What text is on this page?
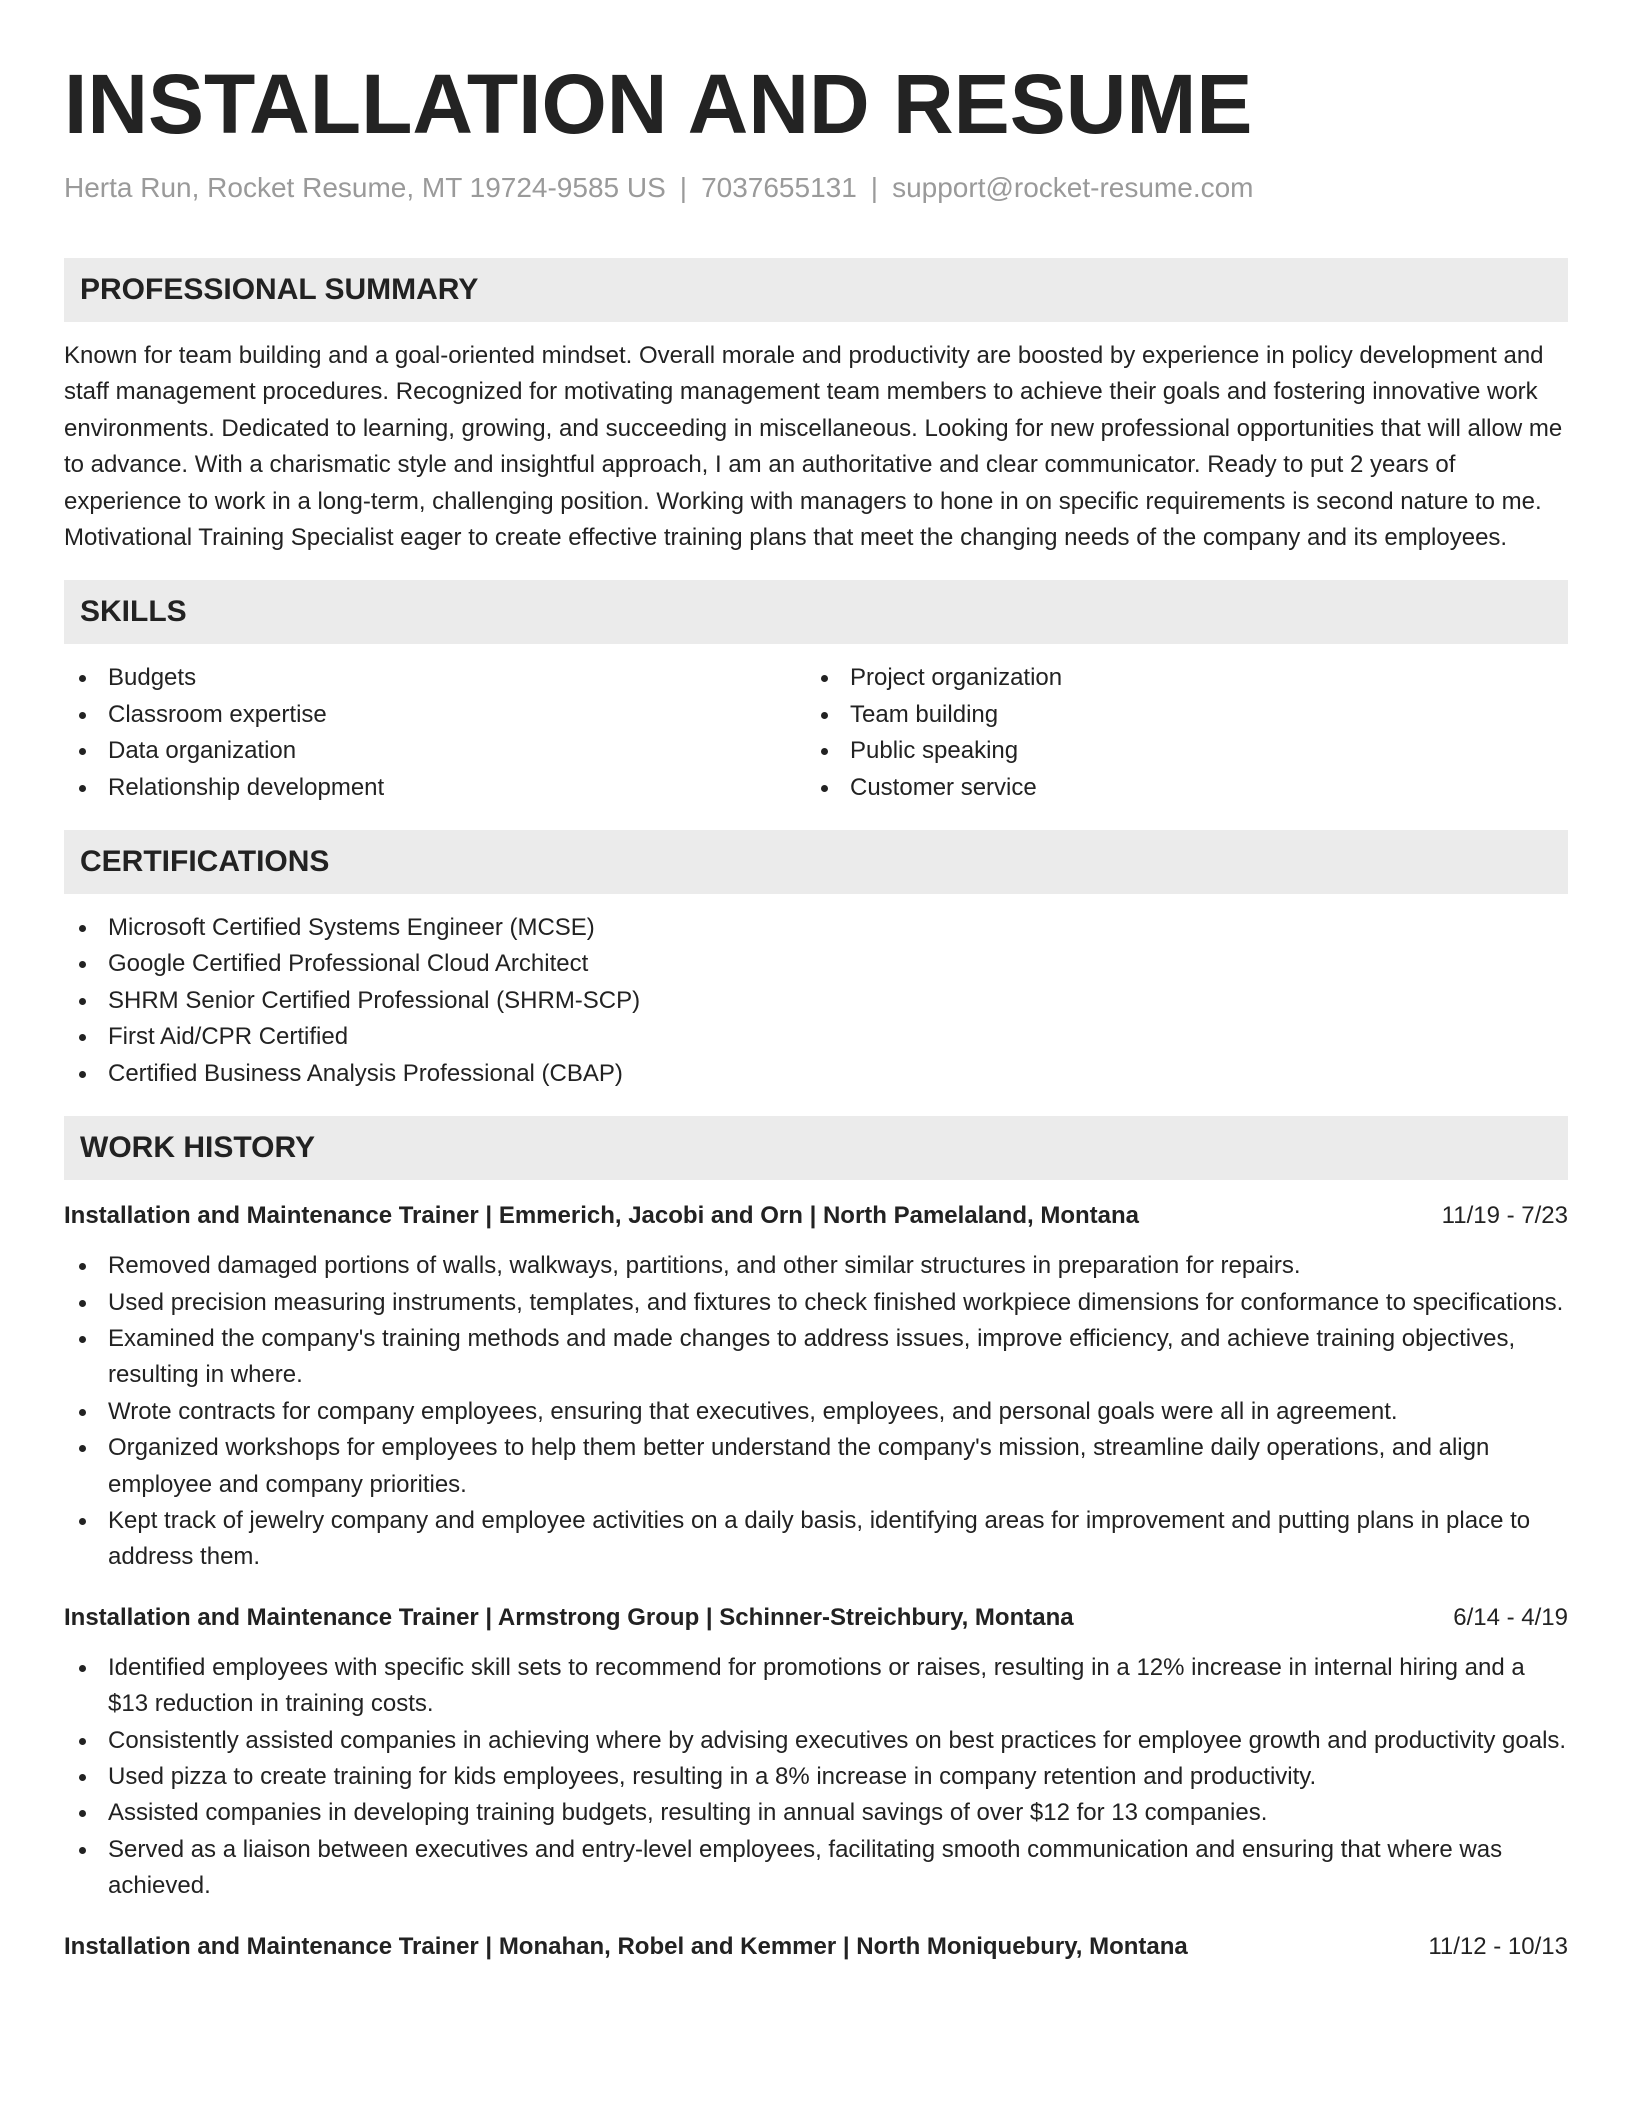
INSTALLATION AND RESUME
Herta Run, Rocket Resume, MT 19724-9585 US | 7037655131 | support@rocket-resume.com
PROFESSIONAL SUMMARY

Known for team building and a goal-oriented mindset. Overall morale and productivity are boosted by experience in policy development and staff management procedures. Recognized for motivating management team members to achieve their goals and fostering innovative work environments. Dedicated to learning, growing, and succeeding in miscellaneous. Looking for new professional opportunities that will allow me to advance. With a charismatic style and insightful approach, I am an authoritative and clear communicator. Ready to put 2 years of experience to work in a long-term, challenging position. Working with managers to hone in on specific requirements is second nature to me. Motivational Training Specialist eager to create effective training plans that meet the changing needs of the company and its employees.

SKILLS
Budgets
Classroom expertise
Data organization
Relationship development
Project organization
Team building
Public speaking
Customer service
CERTIFICATIONS
Microsoft Certified Systems Engineer (MCSE)
Google Certified Professional Cloud Architect
SHRM Senior Certified Professional (SHRM-SCP)
First Aid/CPR Certified
Certified Business Analysis Professional (CBAP)
WORK HISTORY
Installation and Maintenance Trainer | Emmerich, Jacobi and Orn | North Pamelaland, Montana	11/19 - 7/23
Removed damaged portions of walls, walkways, partitions, and other similar structures in preparation for repairs.
Used precision measuring instruments, templates, and fixtures to check finished workpiece dimensions for conformance to specifications.
Examined the company's training methods and made changes to address issues, improve efficiency, and achieve training objectives, resulting in where.
Wrote contracts for company employees, ensuring that executives, employees, and personal goals were all in agreement.
Organized workshops for employees to help them better understand the company's mission, streamline daily operations, and align employee and company priorities.
Kept track of jewelry company and employee activities on a daily basis, identifying areas for improvement and putting plans in place to address them.
Installation and Maintenance Trainer | Armstrong Group | Schinner-Streichbury, Montana	6/14 - 4/19
Identified employees with specific skill sets to recommend for promotions or raises, resulting in a 12% increase in internal hiring and a $13 reduction in training costs.
Consistently assisted companies in achieving where by advising executives on best practices for employee growth and productivity goals.
Used pizza to create training for kids employees, resulting in a 8% increase in company retention and productivity.
Assisted companies in developing training budgets, resulting in annual savings of over $12 for 13 companies.
Served as a liaison between executives and entry-level employees, facilitating smooth communication and ensuring that where was achieved.
Installation and Maintenance Trainer | Monahan, Robel and Kemmer | North Moniquebury, Montana	11/12 - 10/13
